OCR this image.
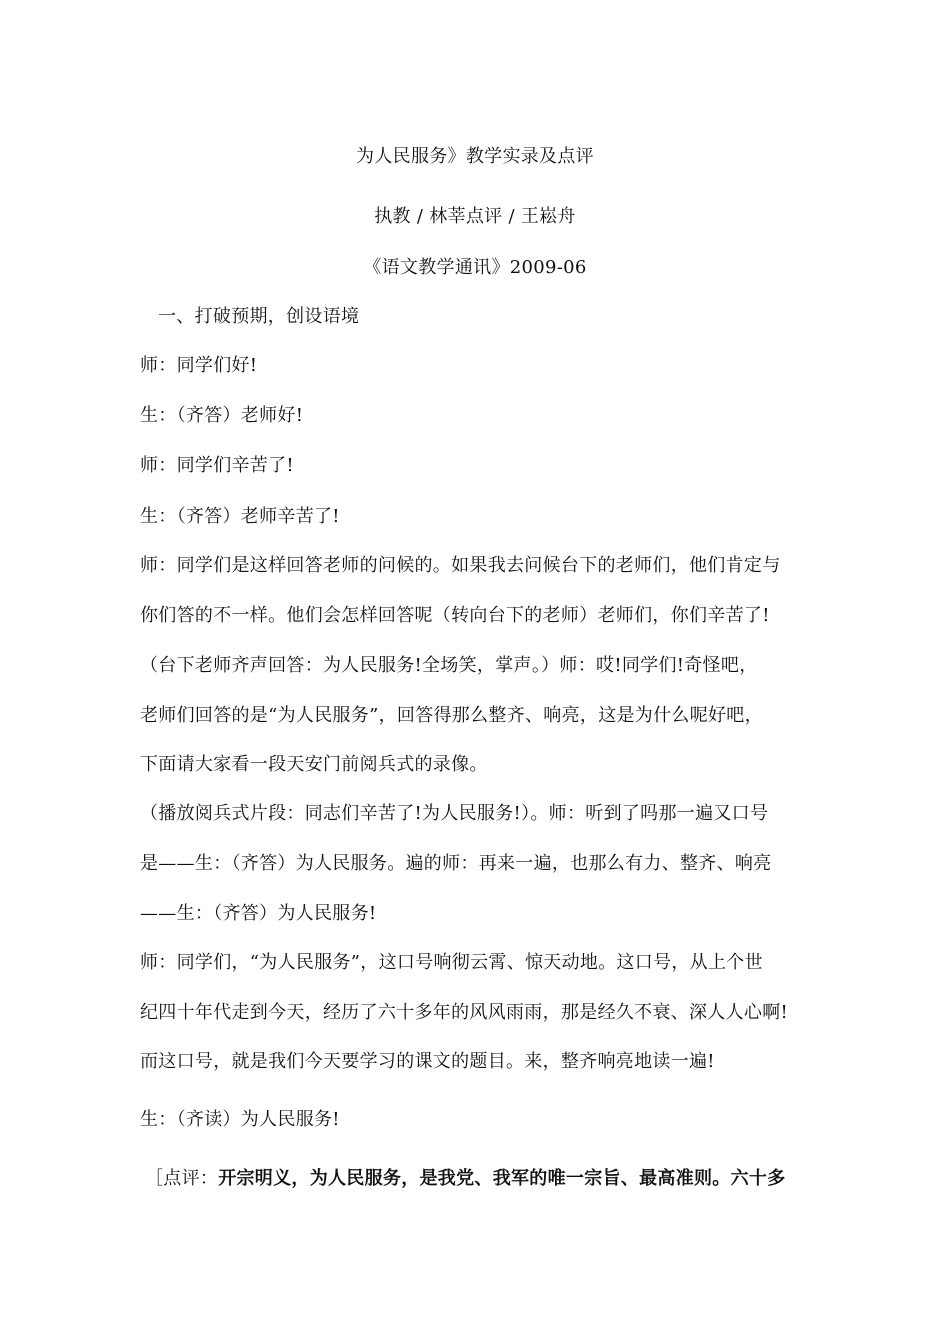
为人民服务》教学实录及点评
执教 / 林莘点评 / 王崧舟
《语文教学通讯》2009-06
一、打破预期，创设语境
师：同学们好!
生：（齐答）老师好!
师：同学们辛苦了!
生：（齐答）老师辛苦了!
师：同学们是这样回答老师的问候的。如果我去问候台下的老师们，他们肯定与
你们答的不一样。他们会怎样回答呢（转向台下的老师）老师们，你们辛苦了!
（台下老师齐声回答：为人民服务!全场笑，掌声。）师：哎!同学们!奇怪吧，
老师们回答的是“为人民服务”，回答得那么整齐、响亮，这是为什么呢好吧，
下面请大家看一段天安门前阅兵式的录像。
（播放阅兵式片段：同志们辛苦了!为人民服务!）。师：听到了吗那一遍又口号
是——生：（齐答）为人民服务。遍的师：再来一遍，也那么有力、整齐、响亮
——生：（齐答）为人民服务!
师：同学们，“为人民服务”，这口号响彻云霄、惊天动地。这口号，从上个世
纪四十年代走到今天，经历了六十多年的风风雨雨，那是经久不衰、深人人心啊!
而这口号，就是我们今天要学习的课文的题目。来，整齐响亮地读一遍!
生：（齐读）为人民服务!
［点评：开宗明义，为人民服务，是我党、我军的唯一宗旨、最高准则。六十多
